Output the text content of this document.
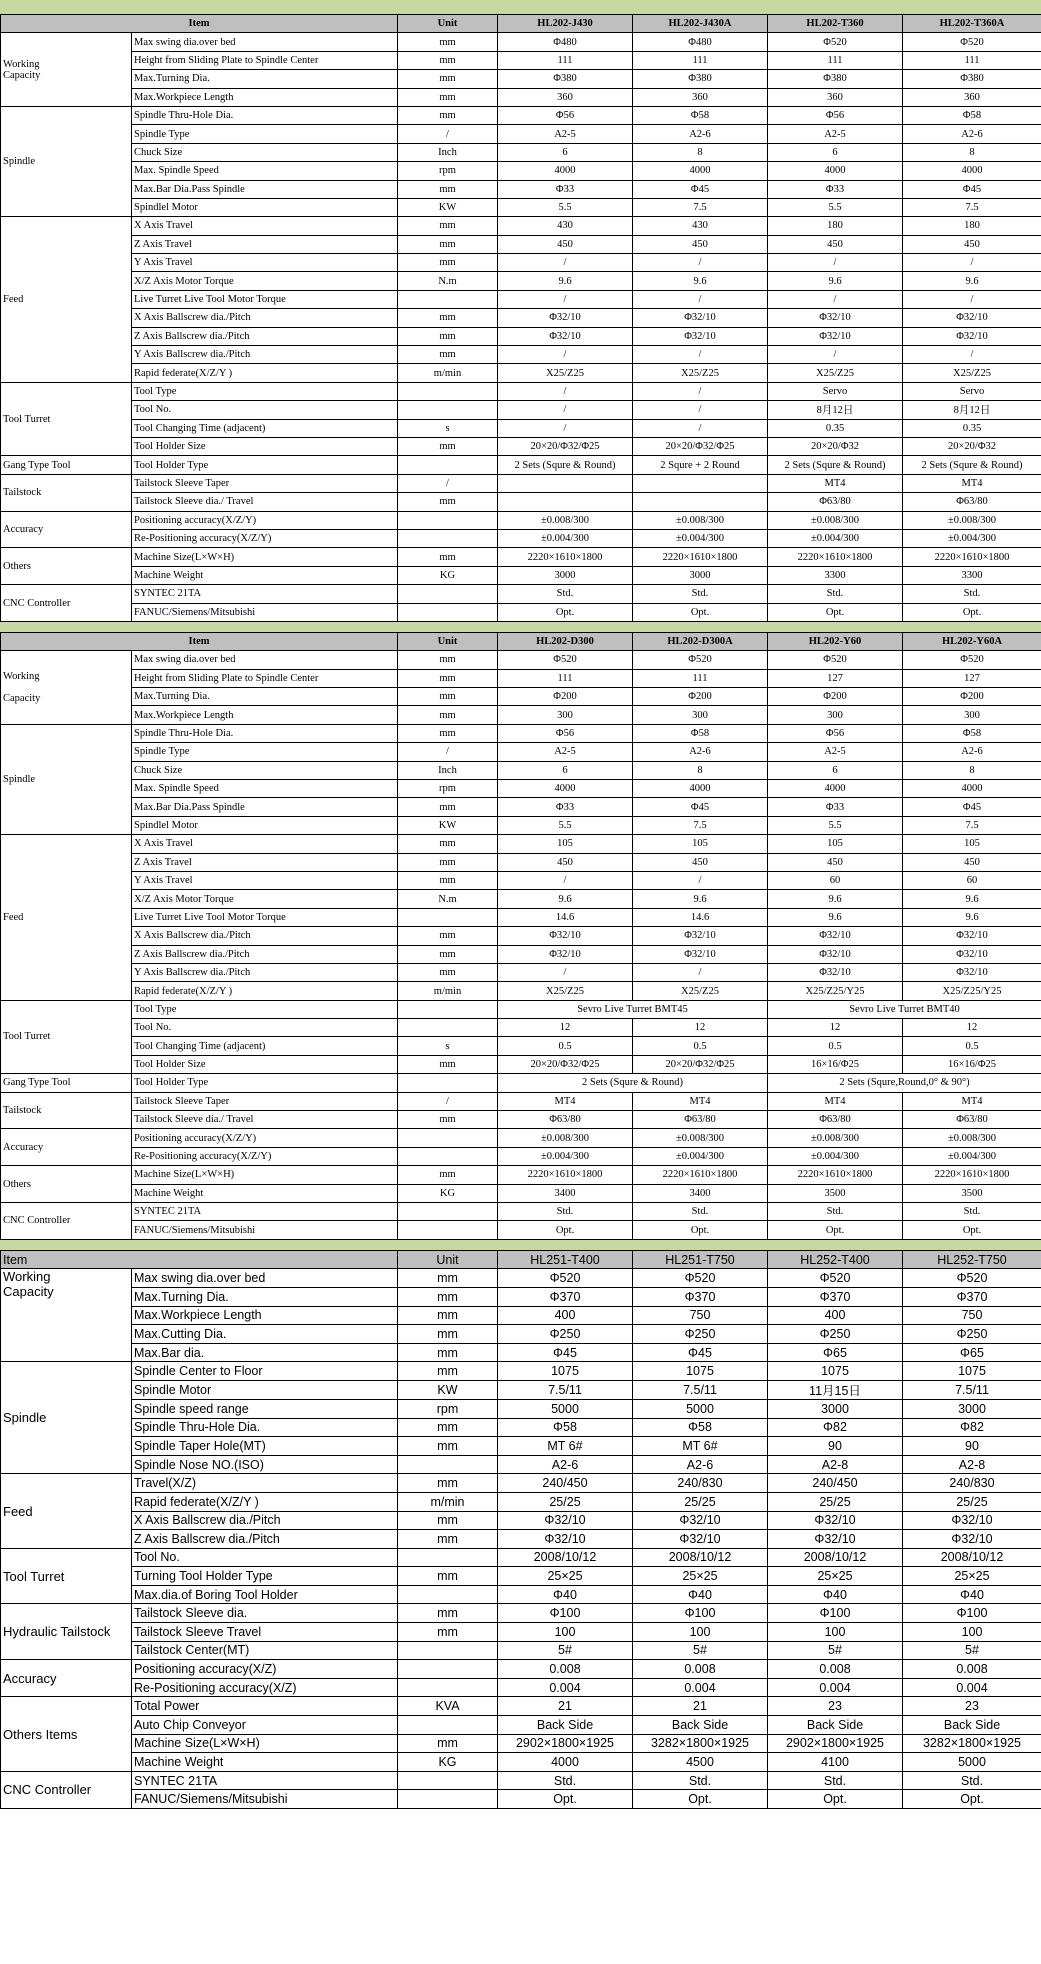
Item		Unit	HL202-J430	HL202-J430A	HL202-T360	HL202-T360A
Working
Capacity	Max swing dia.over bed	mm	Φ480	Φ480	Φ520	Φ520
	Height from Sliding Plate to Spindle Center	mm	111	111	111	111
	Max.Turning Dia.	mm	Φ380	Φ380	Φ380	Φ380
	Max.Workpiece Length	mm	360	360	360	360
Spindle	Spindle Thru-Hole Dia.	mm	Φ56	Φ58	Φ56	Φ58
	Spindle Type	/	A2-5	A2-6	A2-5	A2-6
	Chuck Size	Inch	6	8	6	8
	Max. Spindle Speed	rpm	4000	4000	4000	4000
	Max.Bar Dia.Pass Spindle	mm	Φ33	Φ45	Φ33	Φ45
	Spindlel Motor	KW	5.5	7.5	5.5	7.5
Feed	X Axis Travel	mm	430	430	180	180
	Z Axis Travel	mm	450	450	450	450
	Y Axis Travel	mm	/	/	/	/
	X/Z Axis Motor Torque	N.m	9.6	9.6	9.6	9.6
	Live Turret Live Tool Motor Torque		/	/	/	/
	X Axis Ballscrew dia./Pitch	mm	Φ32/10	Φ32/10	Φ32/10	Φ32/10
	Z Axis Ballscrew dia./Pitch	mm	Φ32/10	Φ32/10	Φ32/10	Φ32/10
	Y Axis Ballscrew dia./Pitch	mm	/	/	/	/
	Rapid federate(X/Z/Y )	m/min	X25/Z25	X25/Z25	X25/Z25	X25/Z25
Tool Turret	Tool Type		/	/	Servo	Servo
	Tool No.		/	/	8月12日	8月12日
	Tool Changing Time (adjacent)	s	/	/	0.35	0.35
	Tool Holder Size	mm	20×20/Φ32/Φ25	20×20/Φ32/Φ25	20×20/Φ32	20×20/Φ32
Gang Type Tool	Tool Holder Type		2 Sets (Squre & Round)	2 Squre + 2 Round	2 Sets (Squre & Round)	2 Sets (Squre & Round)
Tailstock	Tailstock Sleeve Taper	/			MT4	MT4
	Tailstock Sleeve dia./ Travel	mm			Φ63/80	Φ63/80
Accuracy	Positioning accuracy(X/Z/Y)		±0.008/300	±0.008/300	±0.008/300	±0.008/300
	Re-Positioning accuracy(X/Z/Y)		±0.004/300	±0.004/300	±0.004/300	±0.004/300
Others	Machine Size(L×W×H)	mm	2220×1610×1800	2220×1610×1800	2220×1610×1800	2220×1610×1800
	Machine Weight	KG	3000	3000	3300	3300
CNC Controller	SYNTEC 21TA		Std.	Std.	Std.	Std.
	FANUC/Siemens/Mitsubishi		Opt.	Opt.	Opt.	Opt.
Item		Unit	HL202-D300	HL202-D300A	HL202-Y60	HL202-Y60A
Working

Capacity	Max swing dia.over bed	mm	Φ520	Φ520	Φ520	Φ520
	Height from Sliding Plate to Spindle Center	mm	111	111	127	127
	Max.Turning Dia.	mm	Φ200	Φ200	Φ200	Φ200
	Max.Workpiece Length	mm	300	300	300	300
Spindle	Spindle Thru-Hole Dia.	mm	Φ56	Φ58	Φ56	Φ58
	Spindle Type	/	A2-5	A2-6	A2-5	A2-6
	Chuck Size	Inch	6	8	6	8
	Max. Spindle Speed	rpm	4000	4000	4000	4000
	Max.Bar Dia.Pass Spindle	mm	Φ33	Φ45	Φ33	Φ45
	Spindlel Motor	KW	5.5	7.5	5.5	7.5
Feed	X Axis Travel	mm	105	105	105	105
	Z Axis Travel	mm	450	450	450	450
	Y Axis Travel	mm	/	/	60	60
	X/Z Axis Motor Torque	N.m	9.6	9.6	9.6	9.6
	Live Turret Live Tool Motor Torque		14.6	14.6	9.6	9.6
	X Axis Ballscrew dia./Pitch	mm	Φ32/10	Φ32/10	Φ32/10	Φ32/10
	Z Axis Ballscrew dia./Pitch	mm	Φ32/10	Φ32/10	Φ32/10	Φ32/10
	Y Axis Ballscrew dia./Pitch	mm	/	/	Φ32/10	Φ32/10
	Rapid federate(X/Z/Y )	m/min	X25/Z25	X25/Z25	X25/Z25/Y25	X25/Z25/Y25
Tool Turret	Tool Type		Sevro Live Turret BMT45		Sevro Live Turret BMT40	
	Tool No.		12	12	12	12
	Tool Changing Time (adjacent)	s	0.5	0.5	0.5	0.5
	Tool Holder Size	mm	20×20/Φ32/Φ25	20×20/Φ32/Φ25	16×16/Φ25	16×16/Φ25
Gang Type Tool	Tool Holder Type		2 Sets (Squre & Round)		2 Sets (Squre,Round,0° & 90°)	
Tailstock	Tailstock Sleeve Taper	/	MT4	MT4	MT4	MT4
	Tailstock Sleeve dia./ Travel	mm	Φ63/80	Φ63/80	Φ63/80	Φ63/80
Accuracy	Positioning accuracy(X/Z/Y)		±0.008/300	±0.008/300	±0.008/300	±0.008/300
	Re-Positioning accuracy(X/Z/Y)		±0.004/300	±0.004/300	±0.004/300	±0.004/300
Others	Machine Size(L×W×H)	mm	2220×1610×1800	2220×1610×1800	2220×1610×1800	2220×1610×1800
	Machine Weight	KG	3400	3400	3500	3500
CNC Controller	SYNTEC 21TA		Std.	Std.	Std.	Std.
	FANUC/Siemens/Mitsubishi		Opt.	Opt.	Opt.	Opt.
Item		Unit	HL251-T400	HL251-T750	HL252-T400	HL252-T750
Working
Capacity	Max swing dia.over bed	mm	Φ520	Φ520	Φ520	Φ520
	Max.Turning Dia.	mm	Φ370	Φ370	Φ370	Φ370
	Max.Workpiece Length	mm	400	750	400	750
	Max.Cutting Dia.	mm	Φ250	Φ250	Φ250	Φ250
	Max.Bar dia.	mm	Φ45	Φ45	Φ65	Φ65
Spindle	Spindle Center to Floor	mm	1075	1075	1075	1075
	Spindle Motor	KW	7.5/11	7.5/11	11月15日	7.5/11
	Spindle speed range	rpm	5000	5000	3000	3000
	Spindle Thru-Hole Dia.	mm	Φ58	Φ58	Φ82	Φ82
	Spindle Taper Hole(MT)	mm	MT 6#	MT 6#	90	90
	Spindle Nose NO.(ISO)		A2-6	A2-6	A2-8	A2-8
Feed	Travel(X/Z)	mm	240/450	240/830	240/450	240/830
	Rapid federate(X/Z/Y )	m/min	25/25	25/25	25/25	25/25
	X Axis Ballscrew dia./Pitch	mm	Φ32/10	Φ32/10	Φ32/10	Φ32/10
	Z Axis Ballscrew dia./Pitch	mm	Φ32/10	Φ32/10	Φ32/10	Φ32/10
Tool Turret	Tool No.		2008/10/12	2008/10/12	2008/10/12	2008/10/12
	Turning Tool Holder Type	mm	25×25	25×25	25×25	25×25
	Max.dia.of Boring Tool Holder		Φ40	Φ40	Φ40	Φ40
Hydraulic Tailstock	Tailstock Sleeve dia.	mm	Φ100	Φ100	Φ100	Φ100
	Tailstock Sleeve Travel	mm	100	100	100	100
	Tailstock Center(MT)		5#	5#	5#	5#
Accuracy	Positioning accuracy(X/Z)		0.008	0.008	0.008	0.008
	Re-Positioning accuracy(X/Z)		0.004	0.004	0.004	0.004
Others Items	Total Power	KVA	21	21	23	23
	Auto Chip Conveyor		Back Side	Back Side	Back Side	Back Side
	Machine Size(L×W×H)	mm	2902×1800×1925	3282×1800×1925	2902×1800×1925	3282×1800×1925
	Machine Weight	KG	4000	4500	4100	5000
CNC Controller	SYNTEC 21TA		Std.	Std.	Std.	Std.
	FANUC/Siemens/Mitsubishi		Opt.	Opt.	Opt.	Opt.
